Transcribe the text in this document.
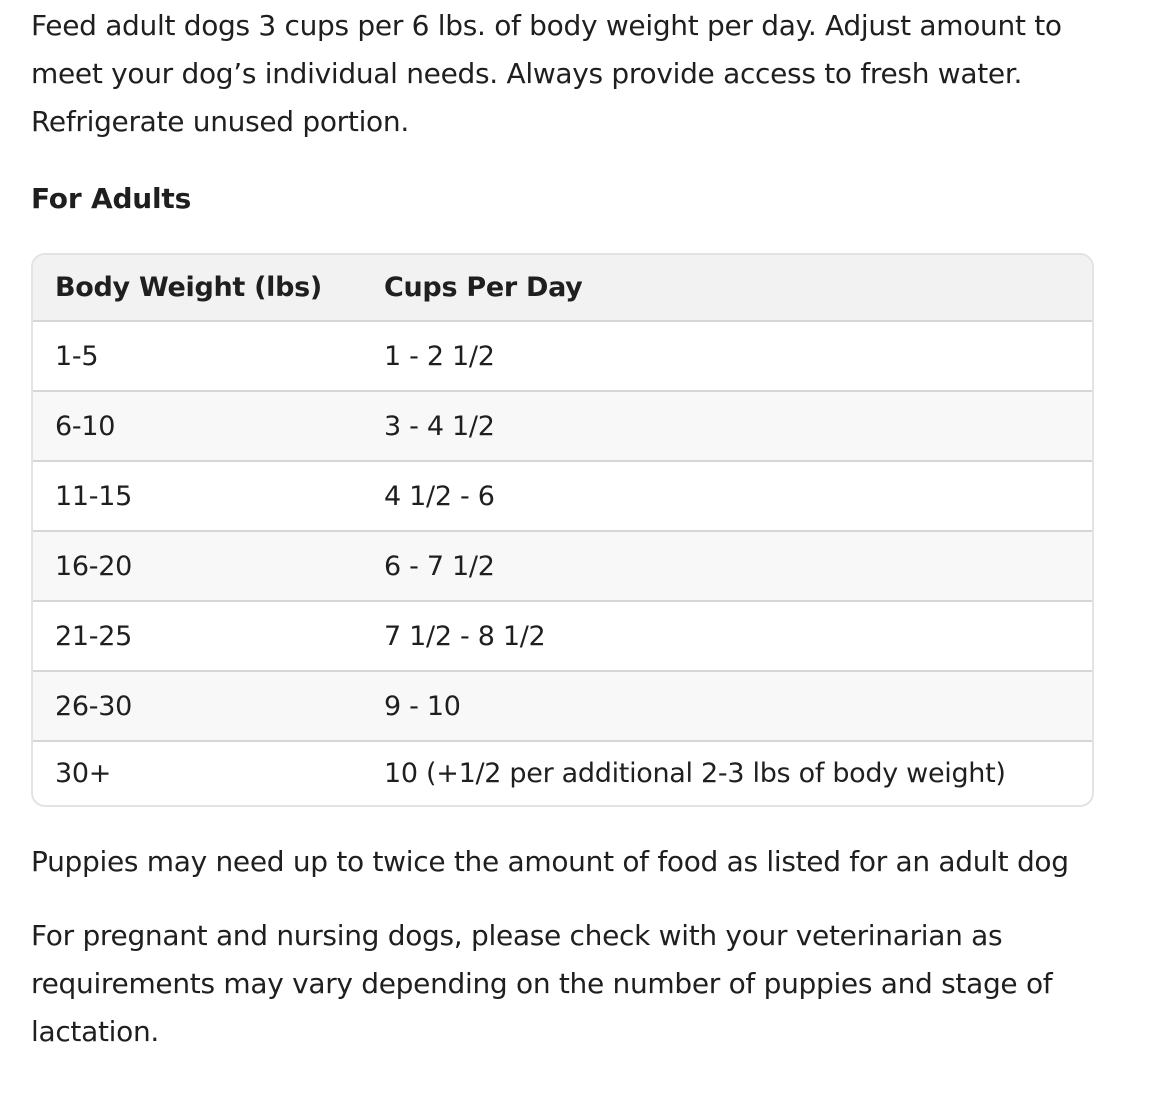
Feed adult dogs 3 cups per 6 lbs. of body weight per day. Adjust amount to meet your dog’s individual needs. Always provide access to fresh water. Refrigerate unused portion.

For Adults
Body Weight (lbs)	Cups Per Day
1-5	1 - 2 1/2
6-10	3 - 4 1/2
11-15	4 1/2 - 6
16-20	6 - 7 1/2
21-25	7 1/2 - 8 1/2
26-30	9 - 10
30+	10 (+1/2 per additional 2-3 lbs of body weight)

Puppies may need up to twice the amount of food as listed for an adult dog

For pregnant and nursing dogs, please check with your veterinarian as requirements may vary depending on the number of puppies and stage of lactation.
